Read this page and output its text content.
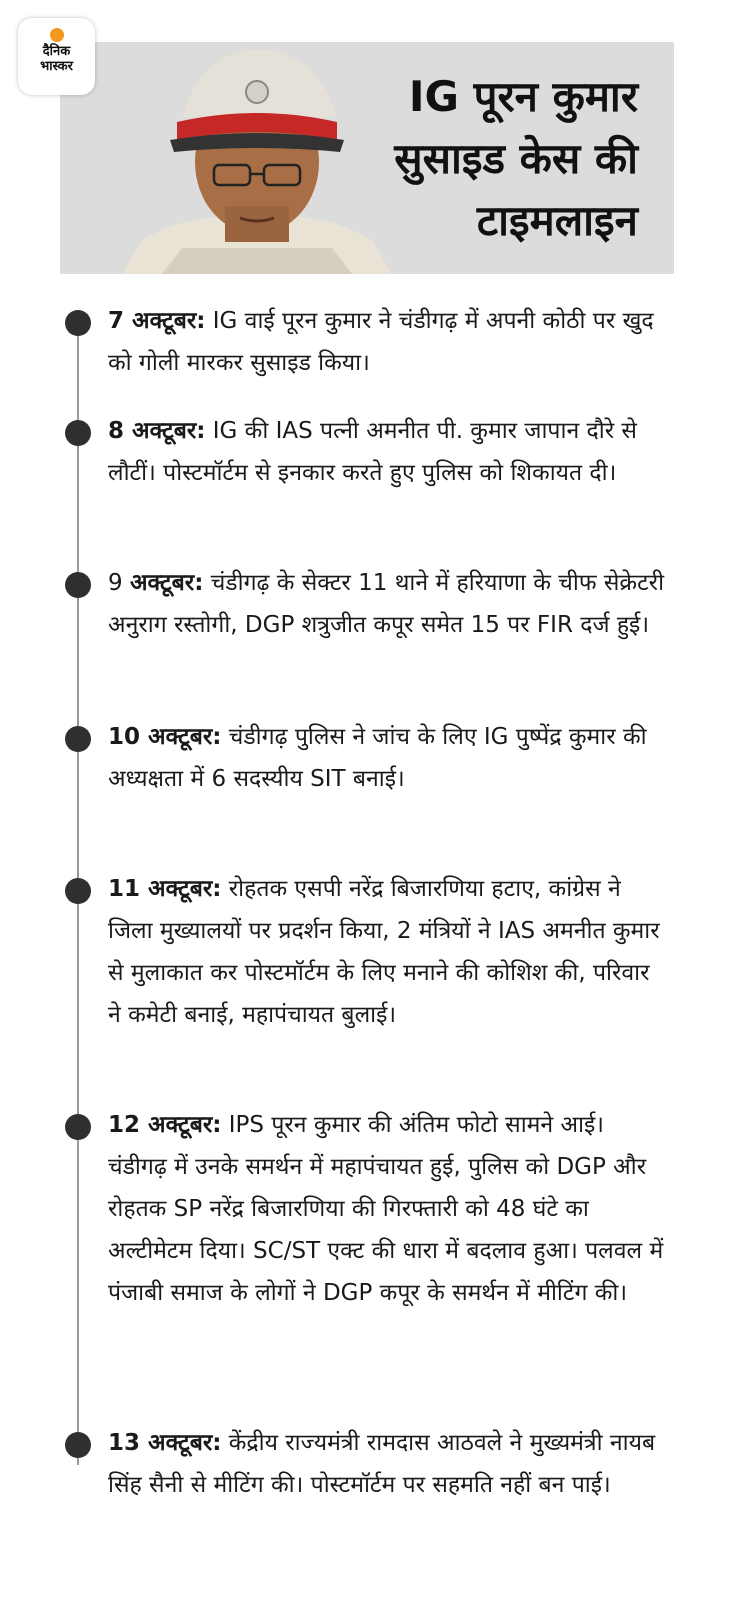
दैनिक
भास्कर
IG पूरन कुमार
सुसाइड केस की
टाइमलाइन
7 अक्टूबर: IG वाई पूरन कुमार ने चंडीगढ़ में अपनी कोठी पर खुद को गोली मारकर सुसाइड किया।
8 अक्टूबर: IG की IAS पत्नी अमनीत पी. कुमार जापान दौरे से लौटीं। पोस्टमॉर्टम से इनकार करते हुए पुलिस को शिकायत दी।
9 अक्टूबर: चंडीगढ़ के सेक्टर 11 थाने में हरियाणा के चीफ सेक्रेटरी अनुराग रस्तोगी, DGP शत्रुजीत कपूर समेत 15 पर FIR दर्ज हुई।
10 अक्टूबर: चंडीगढ़ पुलिस ने जांच के लिए IG पुष्पेंद्र कुमार की अध्यक्षता में 6 सदस्यीय SIT बनाई।
11 अक्टूबर: रोहतक एसपी नरेंद्र बिजारणिया हटाए, कांग्रेस ने जिला मुख्यालयों पर प्रदर्शन किया, 2 मंत्रियों ने IAS अमनीत कुमार से मुलाकात कर पोस्टमॉर्टम के लिए मनाने की कोशिश की, परिवार ने कमेटी बनाई, महापंचायत बुलाई।
12 अक्टूबर: IPS पूरन कुमार की अंतिम फोटो सामने आई। चंडीगढ़ में उनके समर्थन में महापंचायत हुई, पुलिस को DGP और रोहतक SP नरेंद्र बिजारणिया की गिरफ्तारी को 48 घंटे का अल्टीमेटम दिया। SC/ST एक्ट की धारा में बदलाव हुआ। पलवल में पंजाबी समाज के लोगों ने DGP कपूर के समर्थन में मीटिंग की।
13 अक्टूबर: केंद्रीय राज्यमंत्री रामदास आठवले ने मुख्यमंत्री नायब सिंह सैनी से मीटिंग की। पोस्टमॉर्टम पर सहमति नहीं बन पाई।
